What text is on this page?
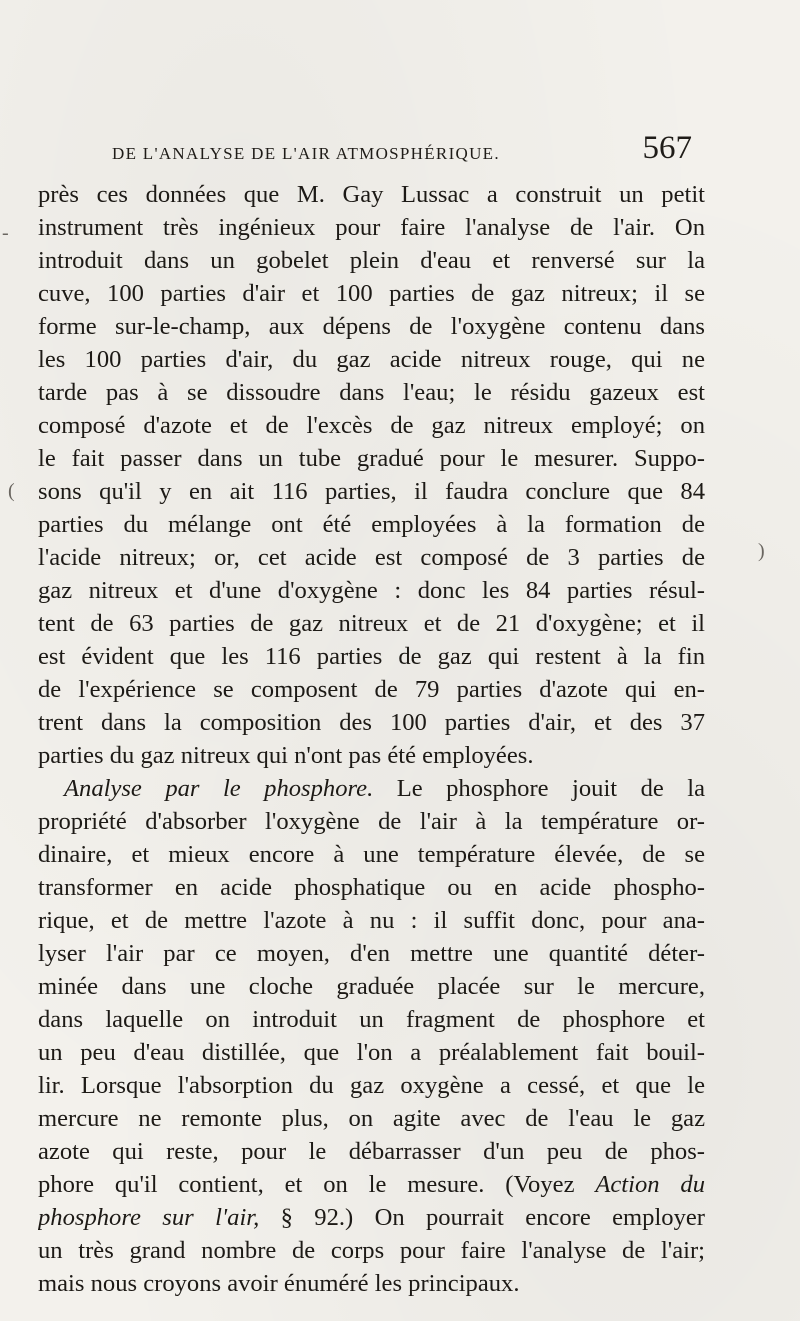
DE L'ANALYSE DE L'AIR ATMOSPHÉRIQUE.	567
près ces données que M. Gay Lussac a construit un petit
instrument très ingénieux pour faire l'analyse de l'air. On
introduit dans un gobelet plein d'eau et renversé sur la
cuve, 100 parties d'air et 100 parties de gaz nitreux; il se
forme sur-le-champ, aux dépens de l'oxygène contenu dans
les 100 parties d'air, du gaz acide nitreux rouge, qui ne
tarde pas à se dissoudre dans l'eau; le résidu gazeux est
composé d'azote et de l'excès de gaz nitreux employé; on
le fait passer dans un tube gradué pour le mesurer. Suppo-
sons qu'il y en ait 116 parties, il faudra conclure que 84
parties du mélange ont été employées à la formation de
l'acide nitreux; or, cet acide est composé de 3 parties de
gaz nitreux et d'une d'oxygène : donc les 84 parties résul-
tent de 63 parties de gaz nitreux et de 21 d'oxygène; et il
est évident que les 116 parties de gaz qui restent à la fin
de l'expérience se composent de 79 parties d'azote qui en-
trent dans la composition des 100 parties d'air, et des 37
parties du gaz nitreux qui n'ont pas été employées.
Analyse par le phosphore. Le phosphore jouit de la
propriété d'absorber l'oxygène de l'air à la température or-
dinaire, et mieux encore à une température élevée, de se
transformer en acide phosphatique ou en acide phospho-
rique, et de mettre l'azote à nu : il suffit donc, pour ana-
lyser l'air par ce moyen, d'en mettre une quantité déter-
minée dans une cloche graduée placée sur le mercure,
dans laquelle on introduit un fragment de phosphore et
un peu d'eau distillée, que l'on a préalablement fait bouil-
lir. Lorsque l'absorption du gaz oxygène a cessé, et que le
mercure ne remonte plus, on agite avec de l'eau le gaz
azote qui reste, pour le débarrasser d'un peu de phos-
phore qu'il contient, et on le mesure. (Voyez Action du
phosphore sur l'air, § 92.) On pourrait encore employer
un très grand nombre de corps pour faire l'analyse de l'air;
mais nous croyons avoir énuméré les principaux.
-
(
)
